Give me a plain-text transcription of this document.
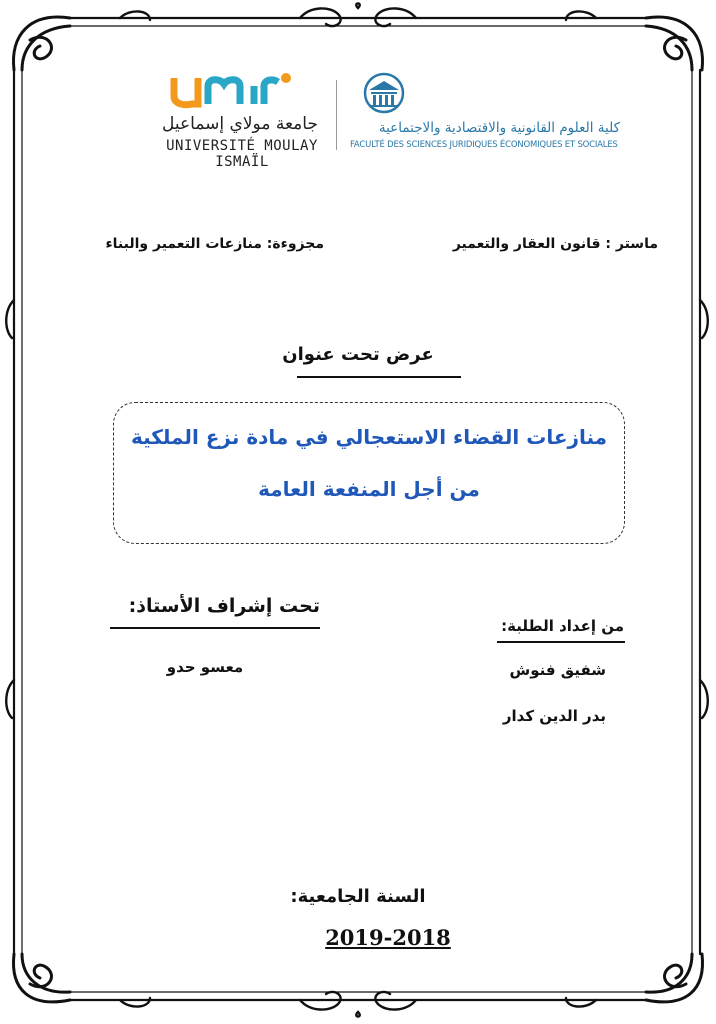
جامعة مولاي إسماعيل
UNIVERSITÉ MOULAY ISMAÏL
كلية العلوم القانونية والاقتصادية والاجتماعية
FACULTÉ DES SCIENCES JURIDIQUES ÉCONOMIQUES ET SOCIALES
ماستر : قانون العقار والتعمير
مجزوءة: منازعات التعمير والبناء
عرض تحت عنوان
منازعات القضاء الاستعجالي في مادة نزع الملكية
من أجل المنفعة العامة
تحت إشراف الأستاذ:
معسو حدو
من إعداد الطلبة:
شفيق فنوش
بدر الدين كدار
السنة الجامعية:
2019-2018
